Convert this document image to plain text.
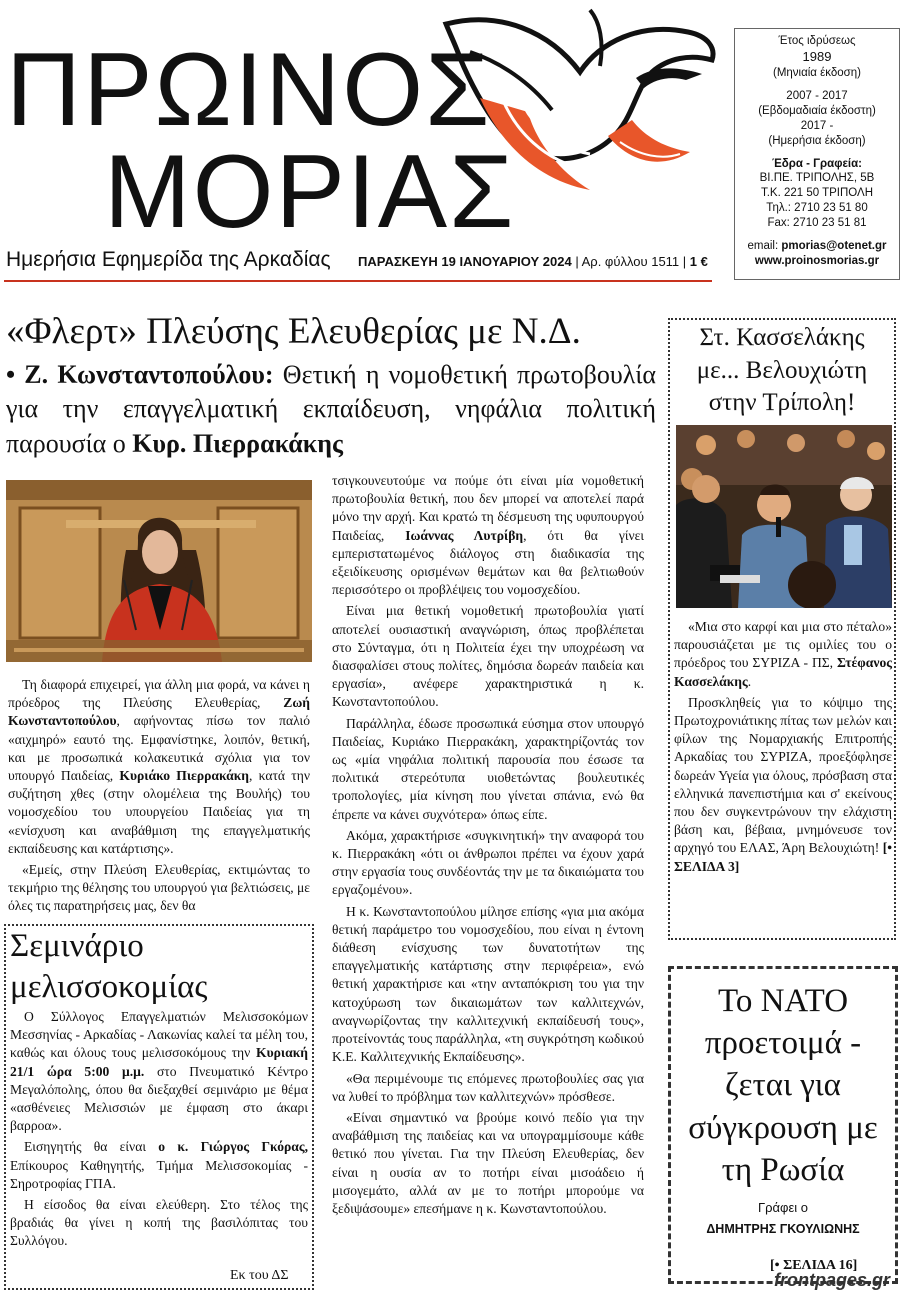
ΠΡΩΙΝΟΣ
ΜΟΡΙΑΣ
Ημερήσια Εφημερίδα της Αρκαδίας ΠΑΡΑΣΚΕΥΗ 19 ΙΑΝΟΥΑΡΙΟΥ 2024 | Αρ. φύλλου 1511 | 1 €
Έτος ιδρύσεως
1989
(Μηνιαία έκδοση)
2007 - 2017
(Εβδομαδιαία έκδοστη)
2017 -
(Ημερήσια έκδοση)
Έδρα - Γραφεία:
ΒΙ.ΠΕ. ΤΡΙΠΟΛΗΣ, 5Β
Τ.Κ. 221 50 ΤΡΙΠΟΛΗ
Τηλ.: 2710 23 51 80
Fax: 2710 23 51 81
email: pmorias@otenet.gr
www.proinosmorias.gr
«Φλερτ» Πλεύσης Ελευθερίας με Ν.Δ.
• Ζ. Κωνσταντοπούλου: Θετική η νομοθετική πρωτοβουλία για την επαγγελματική εκπαίδευση, νηφάλια πολιτική παρουσία ο Κυρ. Πιερρακάκης

Τη διαφορά επιχειρεί, για άλλη μια φορά, να κάνει η πρόεδρος της Πλεύσης Ελευθερίας, Ζωή Κωνσταντοπούλου, αφήνοντας πίσω τον παλιό «αιχμηρό» εαυτό της. Εμφανίστηκε, λοιπόν, θετική, και με προσωπικά κολακευτικά σχόλια για τον υπουργό Παιδείας, Κυριάκο Πιερρακάκη, κατά την συζήτηση χθες (στην ολομέλεια της Βουλής) του νομοσχεδίου του υπουργείου Παιδείας για τη «ενίσχυση και αναβάθμιση της επαγγελματικής εκπαίδευσης και κατάρτισης».

«Εμείς, στην Πλεύση Ελευθερίας, εκτιμώντας το τεκμήριο της θέλησης του υπουργού για βελτιώσεις, με όλες τις παρατηρήσεις μας, δεν θα

τσιγκουνευτούμε να πούμε ότι είναι μία νομοθετική πρωτοβουλία θετική, που δεν μπορεί να αποτελεί παρά μόνο την αρχή. Και κρατώ τη δέσμευση της υφυπουργού Παιδείας, Ιωάννας Λυτρίβη, ότι θα γίνει εμπεριστατωμένος διάλογος στη διαδικασία της εξειδίκευσης ορισμένων θεμάτων και θα βελτιωθούν περισσότερο οι προβλέψεις του νομοσχεδίου.

Είναι μια θετική νομοθετική πρωτοβουλία γιατί αποτελεί ουσιαστική αναγνώριση, όπως προβλέπεται στο Σύνταγμα, ότι η Πολιτεία έχει την υποχρέωση να διασφαλίσει στους πολίτες, δημόσια δωρεάν παιδεία και εργασία», ανέφερε χαρακτηριστικά η κ. Κωνσταντοπούλου.

Παράλληλα, έδωσε προσωπικά εύσημα στον υπουργό Παιδείας, Κυριάκο Πιερρακάκη, χαρακτηρίζοντάς τον ως «μία νηφάλια πολιτική παρουσία που έσωσε τα πολιτικά στερεότυπα υιοθετώντας βουλευτικές τροπολογίες, μία κίνηση που γίνεται σπάνια, ενώ θα έπρεπε να κάνει συχνότερα» όπως είπε.

Ακόμα, χαρακτήρισε «συγκινητική» την αναφορά του κ. Πιερρακάκη «ότι οι άνθρωποι πρέπει να έχουν χαρά στην εργασία τους συνδέοντάς την με τα δικαιώματα του εργαζομένου».

Η κ. Κωνσταντοπούλου μίλησε επίσης «για μια ακόμα θετική παράμετρο του νομοσχεδίου, που είναι η έντονη διάθεση ενίσχυσης των δυνατοτήτων της επαγγελματικής κατάρτισης στην περιφέρεια», ενώ θετική χαρακτήρισε και «την ανταπόκριση του για την κατοχύρωση των δικαιωμάτων των καλλιτεχνών, αναγνωρίζοντας την καλλιτεχνική εκπαίδευσή τους», προτείνοντάς τους παράλληλα, «τη συγκρότηση κωδικού Κ.Ε. Καλλιτεχνικής Εκπαίδευσης».

«Θα περιμένουμε τις επόμενες πρωτοβουλίες σας για να λυθεί το πρόβλημα των καλλιτεχνών» πρόσθεσε.

«Είναι σημαντικό να βρούμε κοινό πεδίο για την αναβάθμιση της παιδείας και να υπογραμμίσουμε κάθε θετικό που γίνεται. Για την Πλεύση Ελευθερίας, δεν είναι η ουσία αν το ποτήρι είναι μισοάδειο ή μισογεμάτο, αλλά αν με το ποτήρι μπορούμε να ξεδιψάσουμε» επεσήμανε η κ. Κωνσταντοπούλου.

Στ. Κασσελάκης με... Βελουχιώτη στην Τρίπολη!

«Μια στο καρφί και μια στο πέταλο» παρουσιάζεται με τις ομιλίες του ο πρόεδρος του ΣΥΡΙΖΑ - ΠΣ, Στέφανος Κασσελάκης.

Προσκληθείς για το κόψιμο της Πρωτοχρονιάτικης πίτας των μελών και φίλων της Νομαρχιακής Επιτροπής Αρκαδίας του ΣΥΡΙΖΑ, προεξόφλησε δωρεάν Υγεία για όλους, πρόσβαση στα ελληνικά πανεπιστήμια και σ' εκείνους που δεν συγκεντρώνουν την ελάχιστη βάση και, βέβαια, μνημόνευσε τον αρχηγό του ΕΛΑΣ, Άρη Βελουχιώτη! [• ΣΕΛΙΔΑ 3]

Σεμινάριο μελισσοκομίας

Ο Σύλλογος Επαγγελματιών Μελισσοκόμων Μεσσηνίας - Αρκαδίας - Λακωνίας καλεί τα μέλη του, καθώς και όλους τους μελισσοκόμους την Κυριακή 21/1 ώρα 5:00 μ.μ. στο Πνευματικό Κέντρο Μεγαλόπολης, όπου θα διεξαχθεί σεμινάριο με θέμα «ασθένειες Μελισσιών με έμφαση στο άκαρι βαρροα».

Εισηγητής θα είναι ο κ. Γιώργος Γκόρας, Επίκουρος Καθηγητής, Τμήμα Μελισσοκομίας - Σηροτροφίας ΓΠΑ.

Η είσοδος θα είναι ελεύθερη. Στο τέλος της βραδιάς θα γίνει η κοπή της βασιλόπιτας του Συλλόγου.

Εκ του ΔΣ
Το ΝΑΤΟ προετοιμά - ζεται για σύγκρουση με τη Ρωσία
Γράφει ο
ΔΗΜΗΤΡΗΣ ΓΚΟΥΛΙΩΝΗΣ
[• ΣΕΛΙΔΑ 16]
frontpages.gr
